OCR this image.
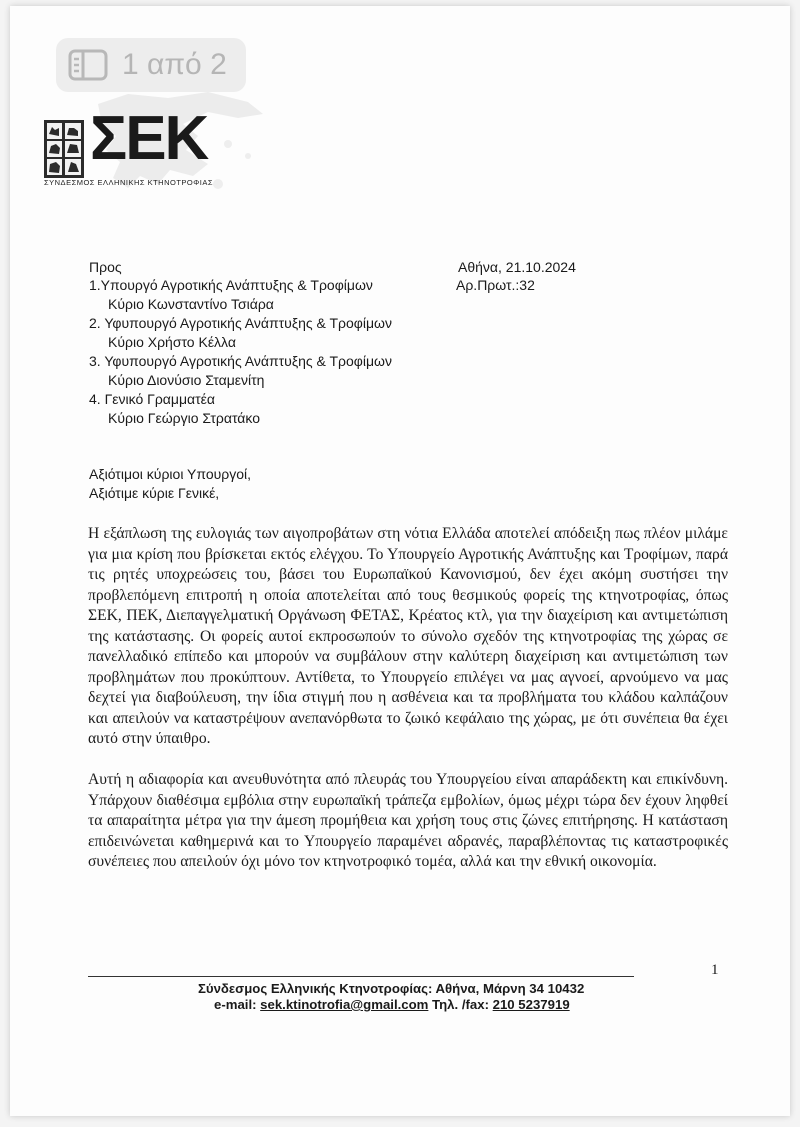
ΣΕΚ
ΣΥΝΔΕΣΜΟΣ ΕΛΛΗΝΙΚΗΣ ΚΤΗΝΟΤΡΟΦΙΑΣ
1 από 2
Προς
1.Υπουργό Αγροτικής Ανάπτυξης & Τροφίμων
Κύριο Κωνσταντίνο Τσιάρα
2. Υφυπουργό Αγροτικής Ανάπτυξης & Τροφίμων
Κύριο Χρήστο Κέλλα
3. Υφυπουργό Αγροτικής Ανάπτυξης & Τροφίμων
Κύριο Διονύσιο Σταμενίτη
4. Γενικό Γραμματέα
Κύριο Γεώργιο Στρατάκο
Αθήνα, 21.10.2024
Αρ.Πρωτ.:32
Αξιότιμοι κύριοι Υπουργοί,
Αξιότιμε κύριε Γενικέ,
Η εξάπλωση της ευλογιάς των αιγοπροβάτων στη νότια Ελλάδα αποτελεί απόδειξη πως πλέον μιλάμε για μια κρίση που βρίσκεται εκτός ελέγχου. Το Υπουργείο Αγροτικής Ανάπτυξης και Τροφίμων, παρά τις ρητές υποχρεώσεις του, βάσει του Ευρωπαϊκού Κανονισμού, δεν έχει ακόμη συστήσει την προβλεπόμενη επιτροπή η οποία αποτελείται από τους θεσμικούς φορείς της κτηνοτροφίας, όπως ΣΕΚ, ΠΕΚ, Διεπαγγελματική Οργάνωση ΦΕΤΑΣ, Κρέατος κτλ, για την διαχείριση και αντιμετώπιση της κατάστασης. Οι φορείς αυτοί εκπροσωπούν το σύνολο σχεδόν της κτηνοτροφίας της χώρας σε πανελλαδικό επίπεδο και μπορούν να συμβάλουν στην καλύτερη διαχείριση και αντιμετώπιση των προβλημάτων που προκύπτουν. Αντίθετα, το Υπουργείο επιλέγει να μας αγνοεί, αρνούμενο να μας δεχτεί για διαβούλευση, την ίδια στιγμή που η ασθένεια και τα προβλήματα του κλάδου καλπάζουν και απειλούν να καταστρέψουν ανεπανόρθωτα το ζωικό κεφάλαιο της χώρας, με ότι συνέπεια θα έχει αυτό στην ύπαιθρο.
Αυτή η αδιαφορία και ανευθυνότητα από πλευράς του Υπουργείου είναι απαράδεκτη και επικίνδυνη. Υπάρχουν διαθέσιμα εμβόλια στην ευρωπαϊκή τράπεζα εμβολίων, όμως μέχρι τώρα δεν έχουν ληφθεί τα απαραίτητα μέτρα για την άμεση προμήθεια και χρήση τους στις ζώνες επιτήρησης. Η κατάσταση επιδεινώνεται καθημερινά και το Υπουργείο παραμένει αδρανές, παραβλέποντας τις καταστροφικές συνέπειες που απειλούν όχι μόνο τον κτηνοτροφικό τομέα, αλλά και την εθνική οικονομία.
1
Σύνδεσμος Ελληνικής Κτηνοτροφίας: Αθήνα, Μάρνη 34 10432
e-mail: sek.ktinotrofia@gmail.com Τηλ. /fax: 210 5237919
